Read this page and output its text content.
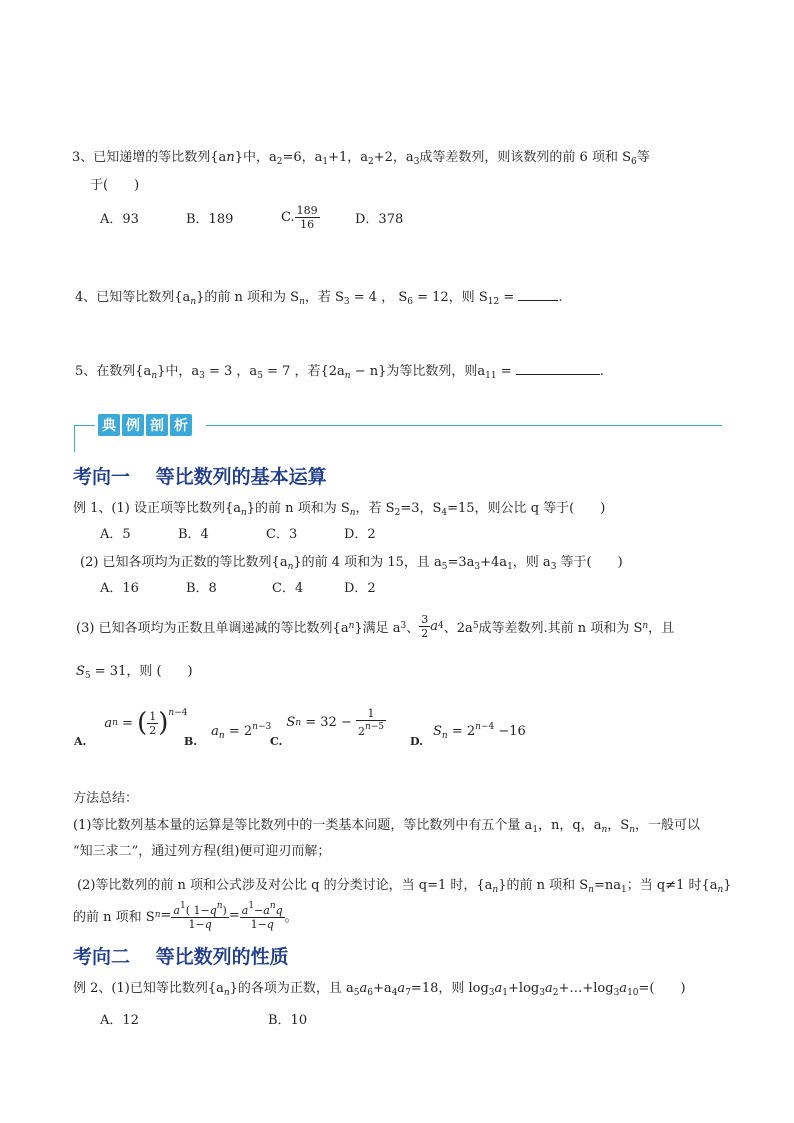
3、已知递增的等比数列{an}中，$a_2=6$，$a_1+1$，$a_2+2$，$a_3$成等差数列，则该数列的前 6 项和 $S_6$等
于(　　)
A．93	B．189	C. $\frac{189}{16}$	D．378
4、已知等比数列$\{a_n\}$的前 n 项和为 $S_n$，若 $S_3 = 4$ ， $S_6 = 12$，则 $S_{12}$ =	.
5、在数列$\{a_n\}$中，$a_3 = 3$ ，$a_5 = 7$ ，若$\{2a_n - n\}$为等比数列，则$a_{11}$ =	.
典 例 剖 析
考向一　 等比数列的基本运算
例 1、(1) 设正项等比数列$\{a_n\}$的前 n 项和为 $S_n$，若 $S_2=3$，$S_4=15$，则公比 q 等于(　　)
A．5	B．4	C．3	D．2
(2) 已知各项均为正数的等比数列$\{a_n\}$的前 4 项和为 15，且 $a_5=3a_3+4a_1$，则 $a_3$ 等于(　　)
A．16	B．8	C．4	D．2
(3) 已知各项均为正数且单调递减的等比数列{a n }满足 a 3 、 $\frac{3}{2}$ a 4 、2a 5 成等差数列.其前 n 项和为 S n ，且
$S_5 = 31$，则 (　　)
A.
a n = ( $\frac{1}{2}$ ) $^{n-4}$
B.
$a_n = 2^{n-3}$
C.
S $n = 32 - \frac{1}{2^{n-5}}$
D.
$S_n = 2^{n-4} -16$
方法总结：
(1)等比数列基本量的运算是等比数列中的一类基本问题，等比数列中有五个量 $a_1$，n，q，$a_n$，$S_n$，一般可以
“知三求二”，通过列方程(组)便可迎刃而解；
(2)等比数列的前 n 项和公式涉及对公比 q 的分类讨论，当 q=1 时，$\{a_n\}$的前 n 项和 $S_n=na_1$；当 q≠1 时$\{a_n\}$
的前 n 项和 S $n = \frac{a^1( 1-q^n)}{1-q} = \frac{a^1-a^nq}{1-q}$ 。
考向二　 等比数列的性质
例 2、(1)已知等比数列$\{a_n\}$的各项为正数，且 $a_5a_6+a_4a_7=18$，则 $\log_3a_1+\log_3a_2+\dots+\log_3a_{10}=$(　　)
A．12	B．10
